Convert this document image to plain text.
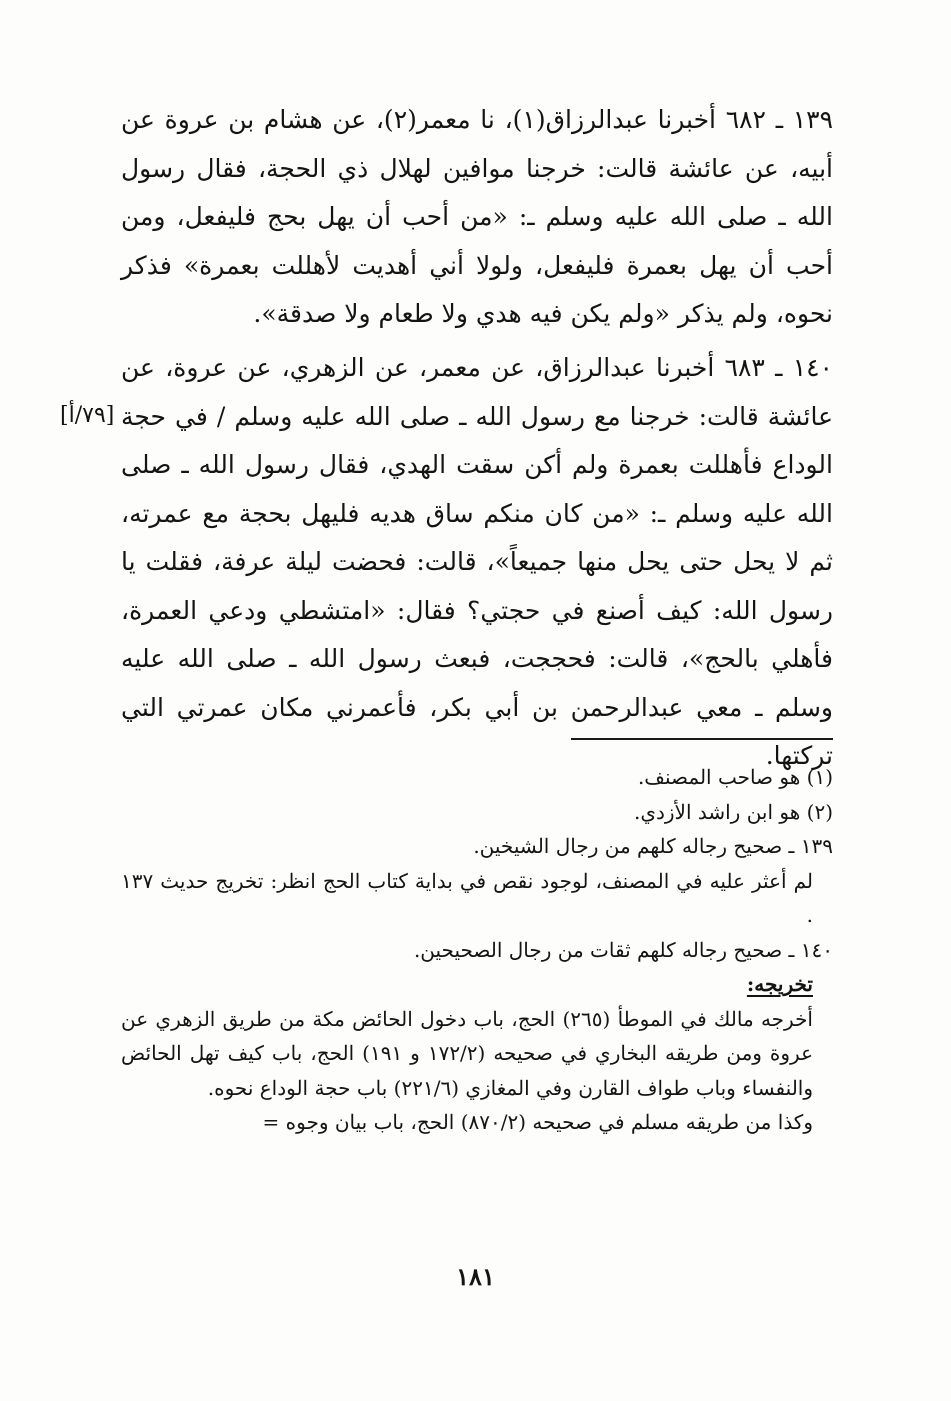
١٣٩ ـ ٦٨٢ أخبرنا عبدالرزاق(١)، نا معمر(٢)، عن هشام بن عروة عن أبيه، عن عائشة قالت: خرجنا موافين لهلال ذي الحجة، فقال رسول الله ـ صلى الله عليه وسلم ـ: «من أحب أن يهل بحج فليفعل، ومن أحب أن يهل بعمرة فليفعل، ولولا أني أهديت لأهللت بعمرة» فذكر نحوه، ولم يذكر «ولم يكن فيه هدي ولا طعام ولا صدقة».

١٤٠ ـ ٦٨٣ أخبرنا عبدالرزاق، عن معمر، عن الزهري، عن عروة، عن عائشة قالت: خرجنا مع رسول الله ـ صلى الله عليه وسلم / في حجة الوداع فأهللت بعمرة ولم أكن سقت الهدي، فقال رسول الله ـ صلى الله عليه وسلم ـ: «من كان منكم ساق هديه فليهل بحجة مع عمرته، ثم لا يحل حتى يحل منها جميعاً»، قالت: فحضت ليلة عرفة، فقلت يا رسول الله: كيف أصنع في حجتي؟ فقال: «امتشطي ودعي العمرة، فأهلي بالحج»، قالت: فحججت، فبعث رسول الله ـ صلى الله عليه وسلم ـ معي عبدالرحمن بن أبي بكر، فأعمرني مكان عمرتي التي تركتها.

[٧٩/أ]

(١) هو صاحب المصنف.

(٢) هو ابن راشد الأزدي.

١٣٩ ـ صحيح رجاله كلهم من رجال الشيخين.

لم أعثر عليه في المصنف، لوجود نقص في بداية كتاب الحج انظر: تخريج حديث ١٣٧ .

١٤٠ ـ صحيح رجاله كلهم ثقات من رجال الصحيحين.

تخريجه:

أخرجه مالك في الموطأ (٢٦٥) الحج، باب دخول الحائض مكة من طريق الزهري عن عروة ومن طريقه البخاري في صحيحه (١٧٢/٢ و ١٩١) الحج، باب كيف تهل الحائض والنفساء وباب طواف القارن وفي المغازي (٢٢١/٦) باب حجة الوداع نحوه.

وكذا من طريقه مسلم في صحيحه (٨٧٠/٢) الحج، باب بيان وجوه =

١٨١
